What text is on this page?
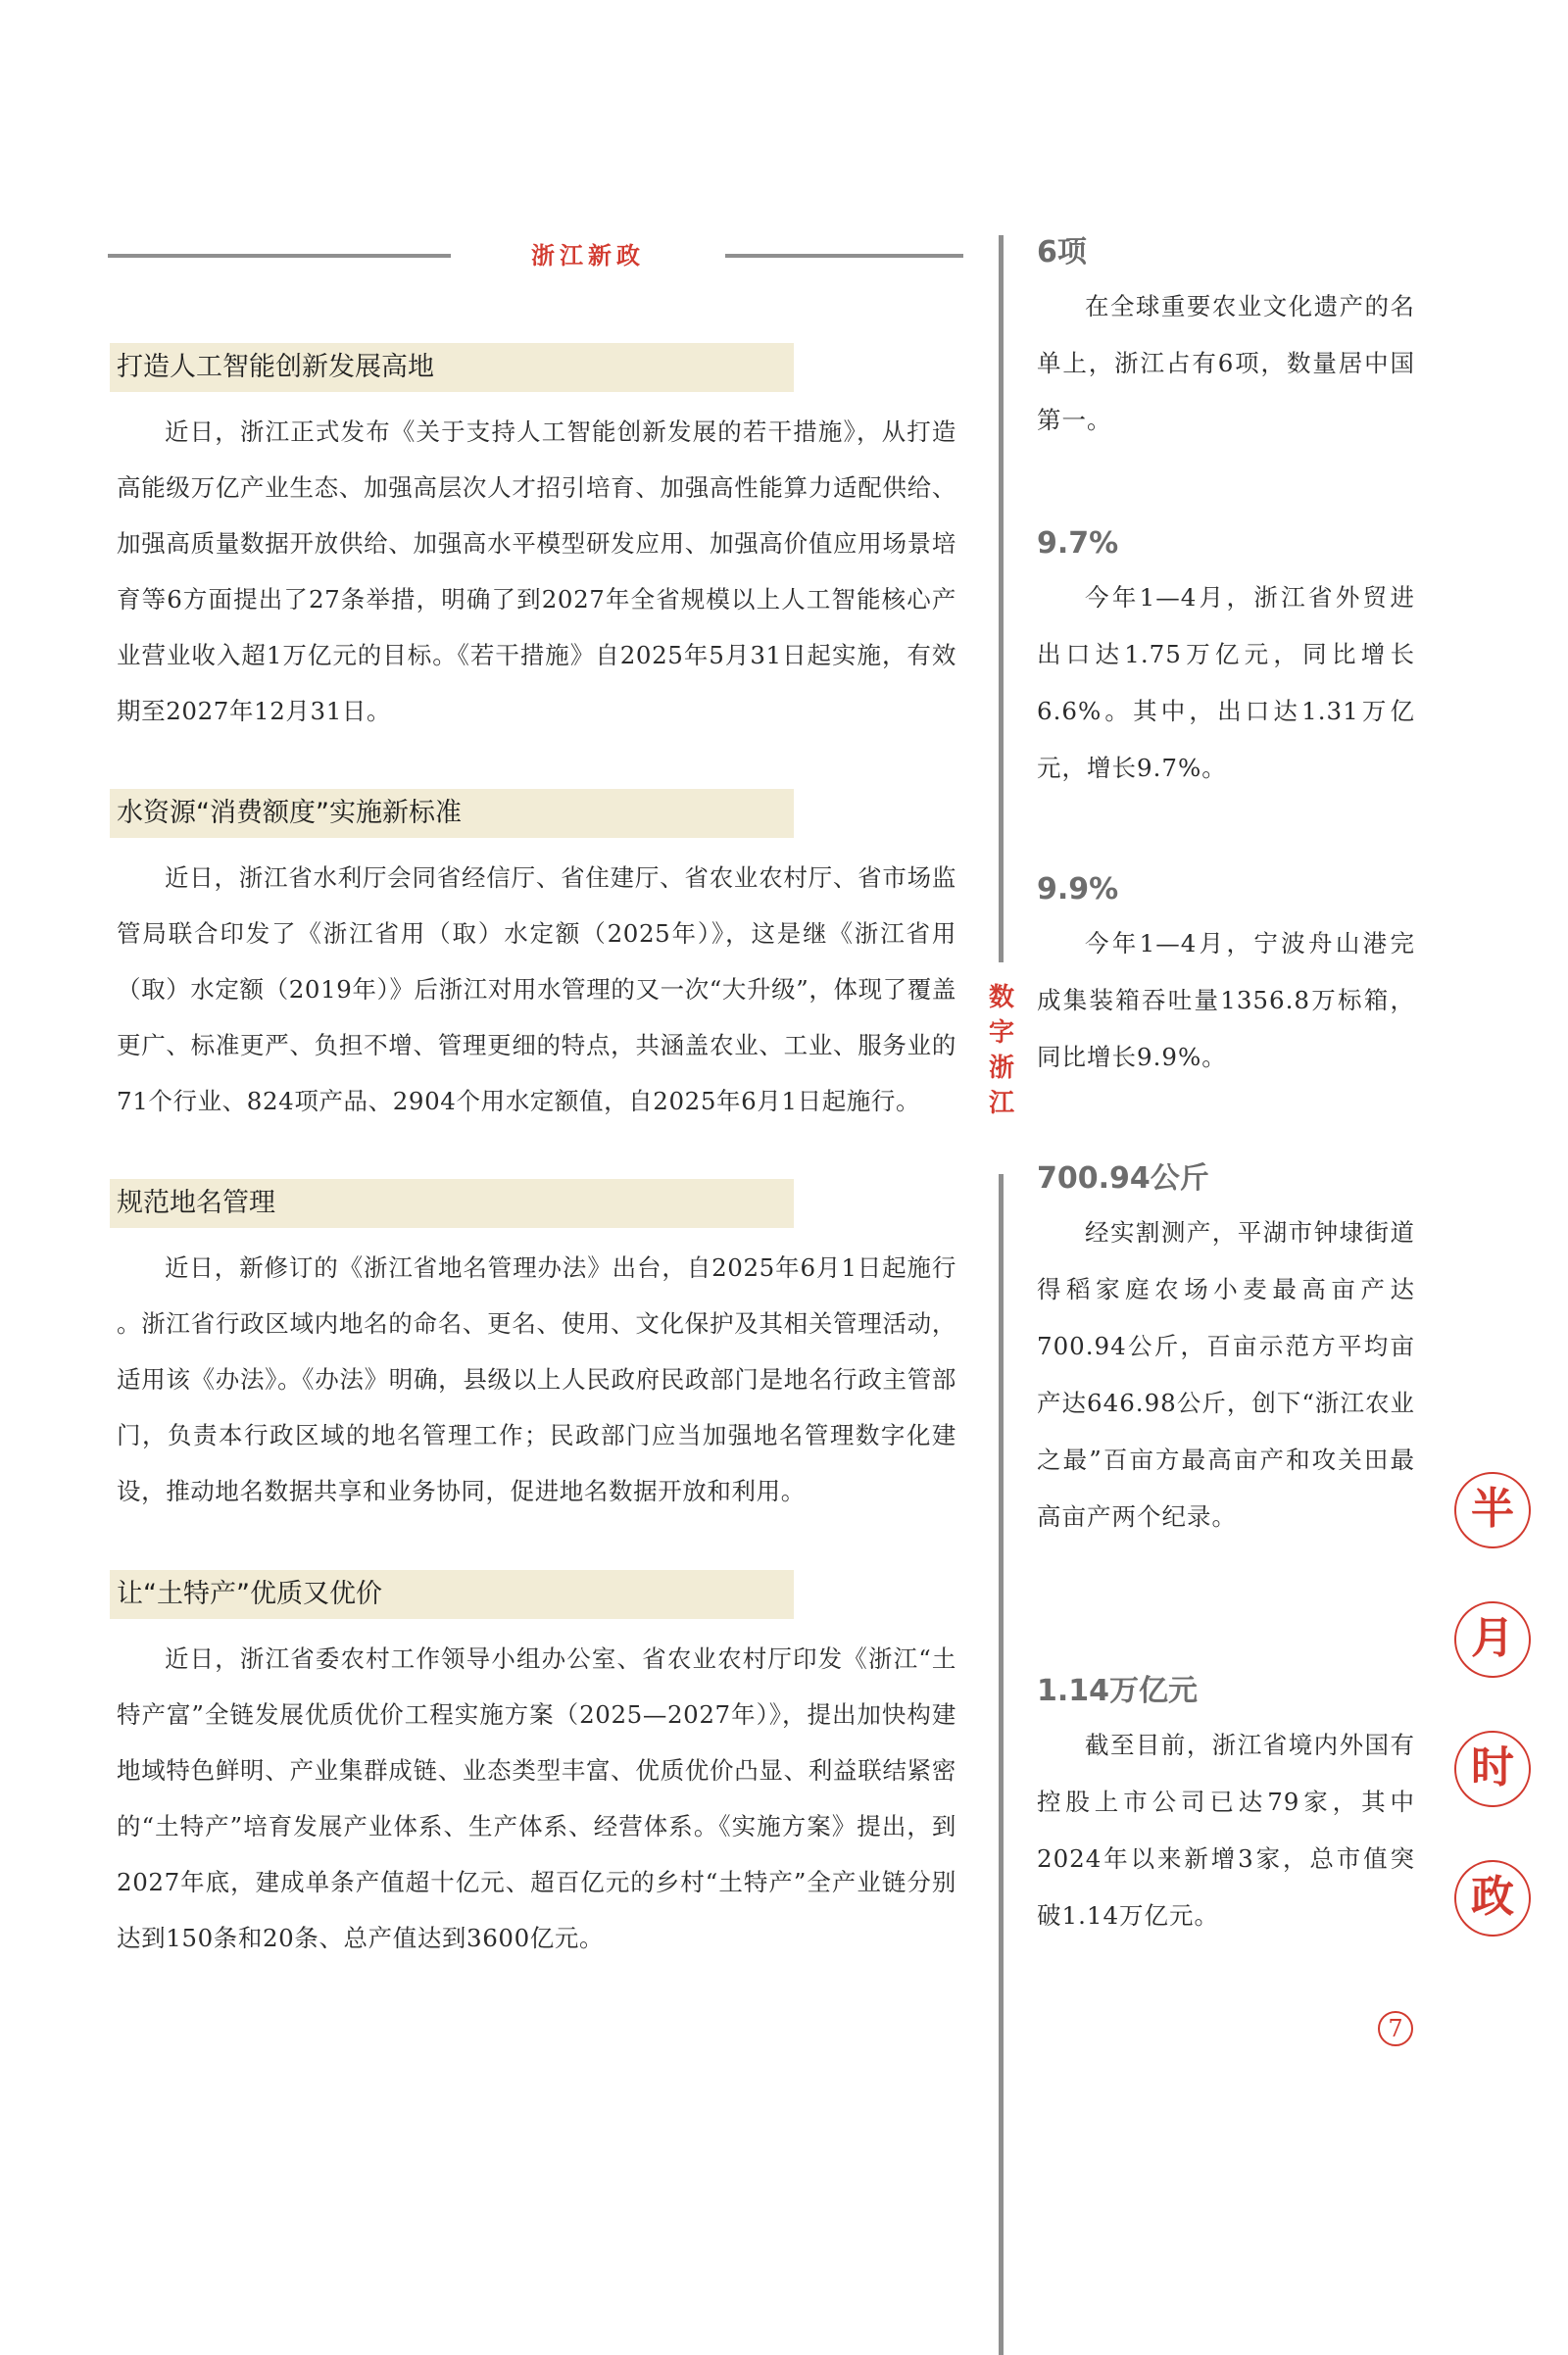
浙江新政
打造人工智能创新发展高地

近日，浙江正式发布《关于支持人工智能创新发展的若干措施》，从打造高能级万亿产业生态、加强高层次人才招引培育、加强高性能算力适配供给、加强高质量数据开放供给、加强高水平模型研发应用、加强高价值应用场景培育等6方面提出了27条举措，明确了到2027年全省规模以上人工智能核心产业营业收入超1万亿元的目标。《若干措施》自2025年5月31日起实施，有效期至2027年12月31日。

水资源“消费额度”实施新标准

近日，浙江省水利厅会同省经信厅、省住建厅、省农业农村厅、省市场监管局联合印发了《浙江省用（取）水定额（2025年）》，这是继《浙江省用（取）水定额（2019年）》后浙江对用水管理的又一次“大升级”，体现了覆盖更广、标准更严、负担不增、管理更细的特点，共涵盖农业、工业、服务业的71个行业、824项产品、2904个用水定额值，自2025年6月1日起施行。

规范地名管理

近日，新修订的《浙江省地名管理办法》出台，自2025年6月1日起施行 。浙江省行政区域内地名的命名、更名、使用、文化保护及其相关管理活动，适用该《办法》。《办法》明确，县级以上人民政府民政部门是地名行政主管部门，负责本行政区域的地名管理工作；民政部门应当加强地名管理数字化建设，推动地名数据共享和业务协同，促进地名数据开放和利用。

让“土特产”优质又优价

近日，浙江省委农村工作领导小组办公室、省农业农村厅印发《浙江“土特产富”全链发展优质优价工程实施方案（2025—2027年）》，提出加快构建地域特色鲜明、产业集群成链、业态类型丰富、优质优价凸显、利益联结紧密的“土特产”培育发展产业体系、生产体系、经营体系。《实施方案》提出，到2027年底，建成单条产值超十亿元、超百亿元的乡村“土特产”全产业链分别达到150条和20条、总产值达到3600亿元。

数
字
浙
江
6项

在全球重要农业文化遗产的名单上，浙江占有6项，数量居中国第一。

9.7%

今年1—4月，浙江省外贸进出口达1.75万亿元，同比增长6.6%。其中，出口达1.31万亿元，增长9.7%。

9.9%

今年1—4月，宁波舟山港完成集装箱吞吐量1356.8万标箱，同比增长9.9%。

700.94公斤

经实割测产，平湖市钟埭街道得稻家庭农场小麦最高亩产达700.94公斤，百亩示范方平均亩产达646.98公斤，创下“浙江农业之最”百亩方最高亩产和攻关田最高亩产两个纪录。

1.14万亿元

截至目前，浙江省境内外国有控股上市公司已达79家，其中2024年以来新增3家，总市值突破1.14万亿元。

半
月
时
政
7
